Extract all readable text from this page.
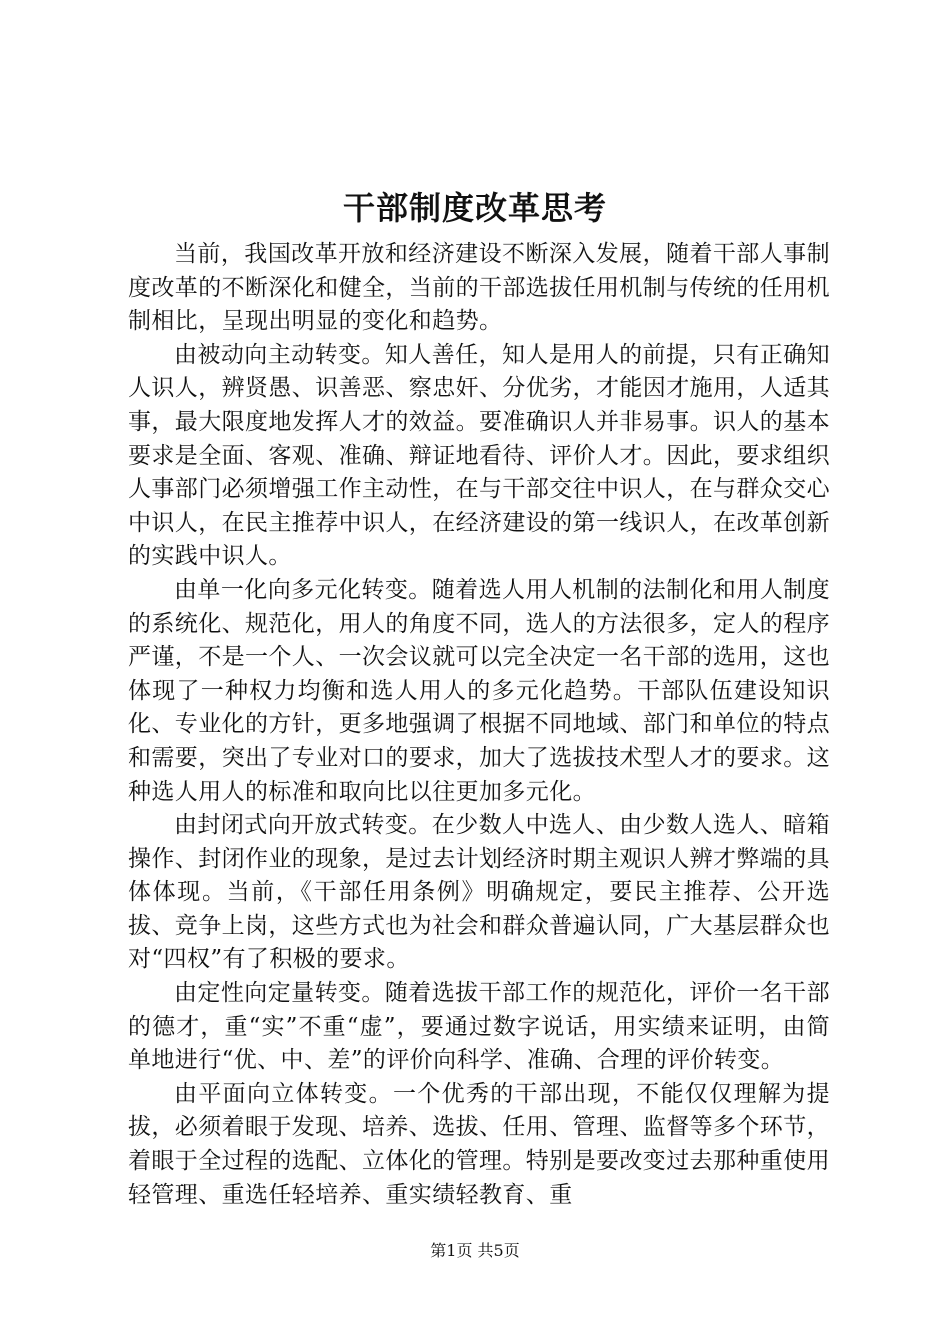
干部制度改革思考

当前，我国改革开放和经济建设不断深入发展，随着干部人事制度改革的不断深化和健全，当前的干部选拔任用机制与传统的任用机制相比，呈现出明显的变化和趋势。

由被动向主动转变。知人善任，知人是用人的前提，只有正确知人识人，辨贤愚、识善恶、察忠奸、分优劣，才能因才施用，人适其事，最大限度地发挥人才的效益。要准确识人并非易事。识人的基本要求是全面、客观、准确、辩证地看待、评价人才。因此，要求组织人事部门必须增强工作主动性，在与干部交往中识人，在与群众交心中识人，在民主推荐中识人，在经济建设的第一线识人，在改革创新的实践中识人。

由单一化向多元化转变。随着选人用人机制的法制化和用人制度的系统化、规范化，用人的角度不同，选人的方法很多，定人的程序严谨，不是一个人、一次会议就可以完全决定一名干部的选用，这也体现了一种权力均衡和选人用人的多元化趋势。干部队伍建设知识化、专业化的方针，更多地强调了根据不同地域、部门和单位的特点和需要，突出了专业对口的要求，加大了选拔技术型人才的要求。这种选人用人的标准和取向比以往更加多元化。

由封闭式向开放式转变。在少数人中选人、由少数人选人、暗箱操作、封闭作业的现象，是过去计划经济时期主观识人辨才弊端的具体体现。当前，《干部任用条例》明确规定，要民主推荐、公开选拔、竞争上岗，这些方式也为社会和群众普遍认同，广大基层群众也对“四权”有了积极的要求。

由定性向定量转变。随着选拔干部工作的规范化，评价一名干部的德才，重“实”不重“虚”，要通过数字说话，用实绩来证明，由简单地进行“优、中、差”的评价向科学、准确、合理的评价转变。

由平面向立体转变。一个优秀的干部出现，不能仅仅理解为提拔，必须着眼于发现、培养、选拔、任用、管理、监督等多个环节，着眼于全过程的选配、立体化的管理。特别是要改变过去那种重使用轻管理、重选任轻培养、重实绩轻教育、重

第1页 共5页
